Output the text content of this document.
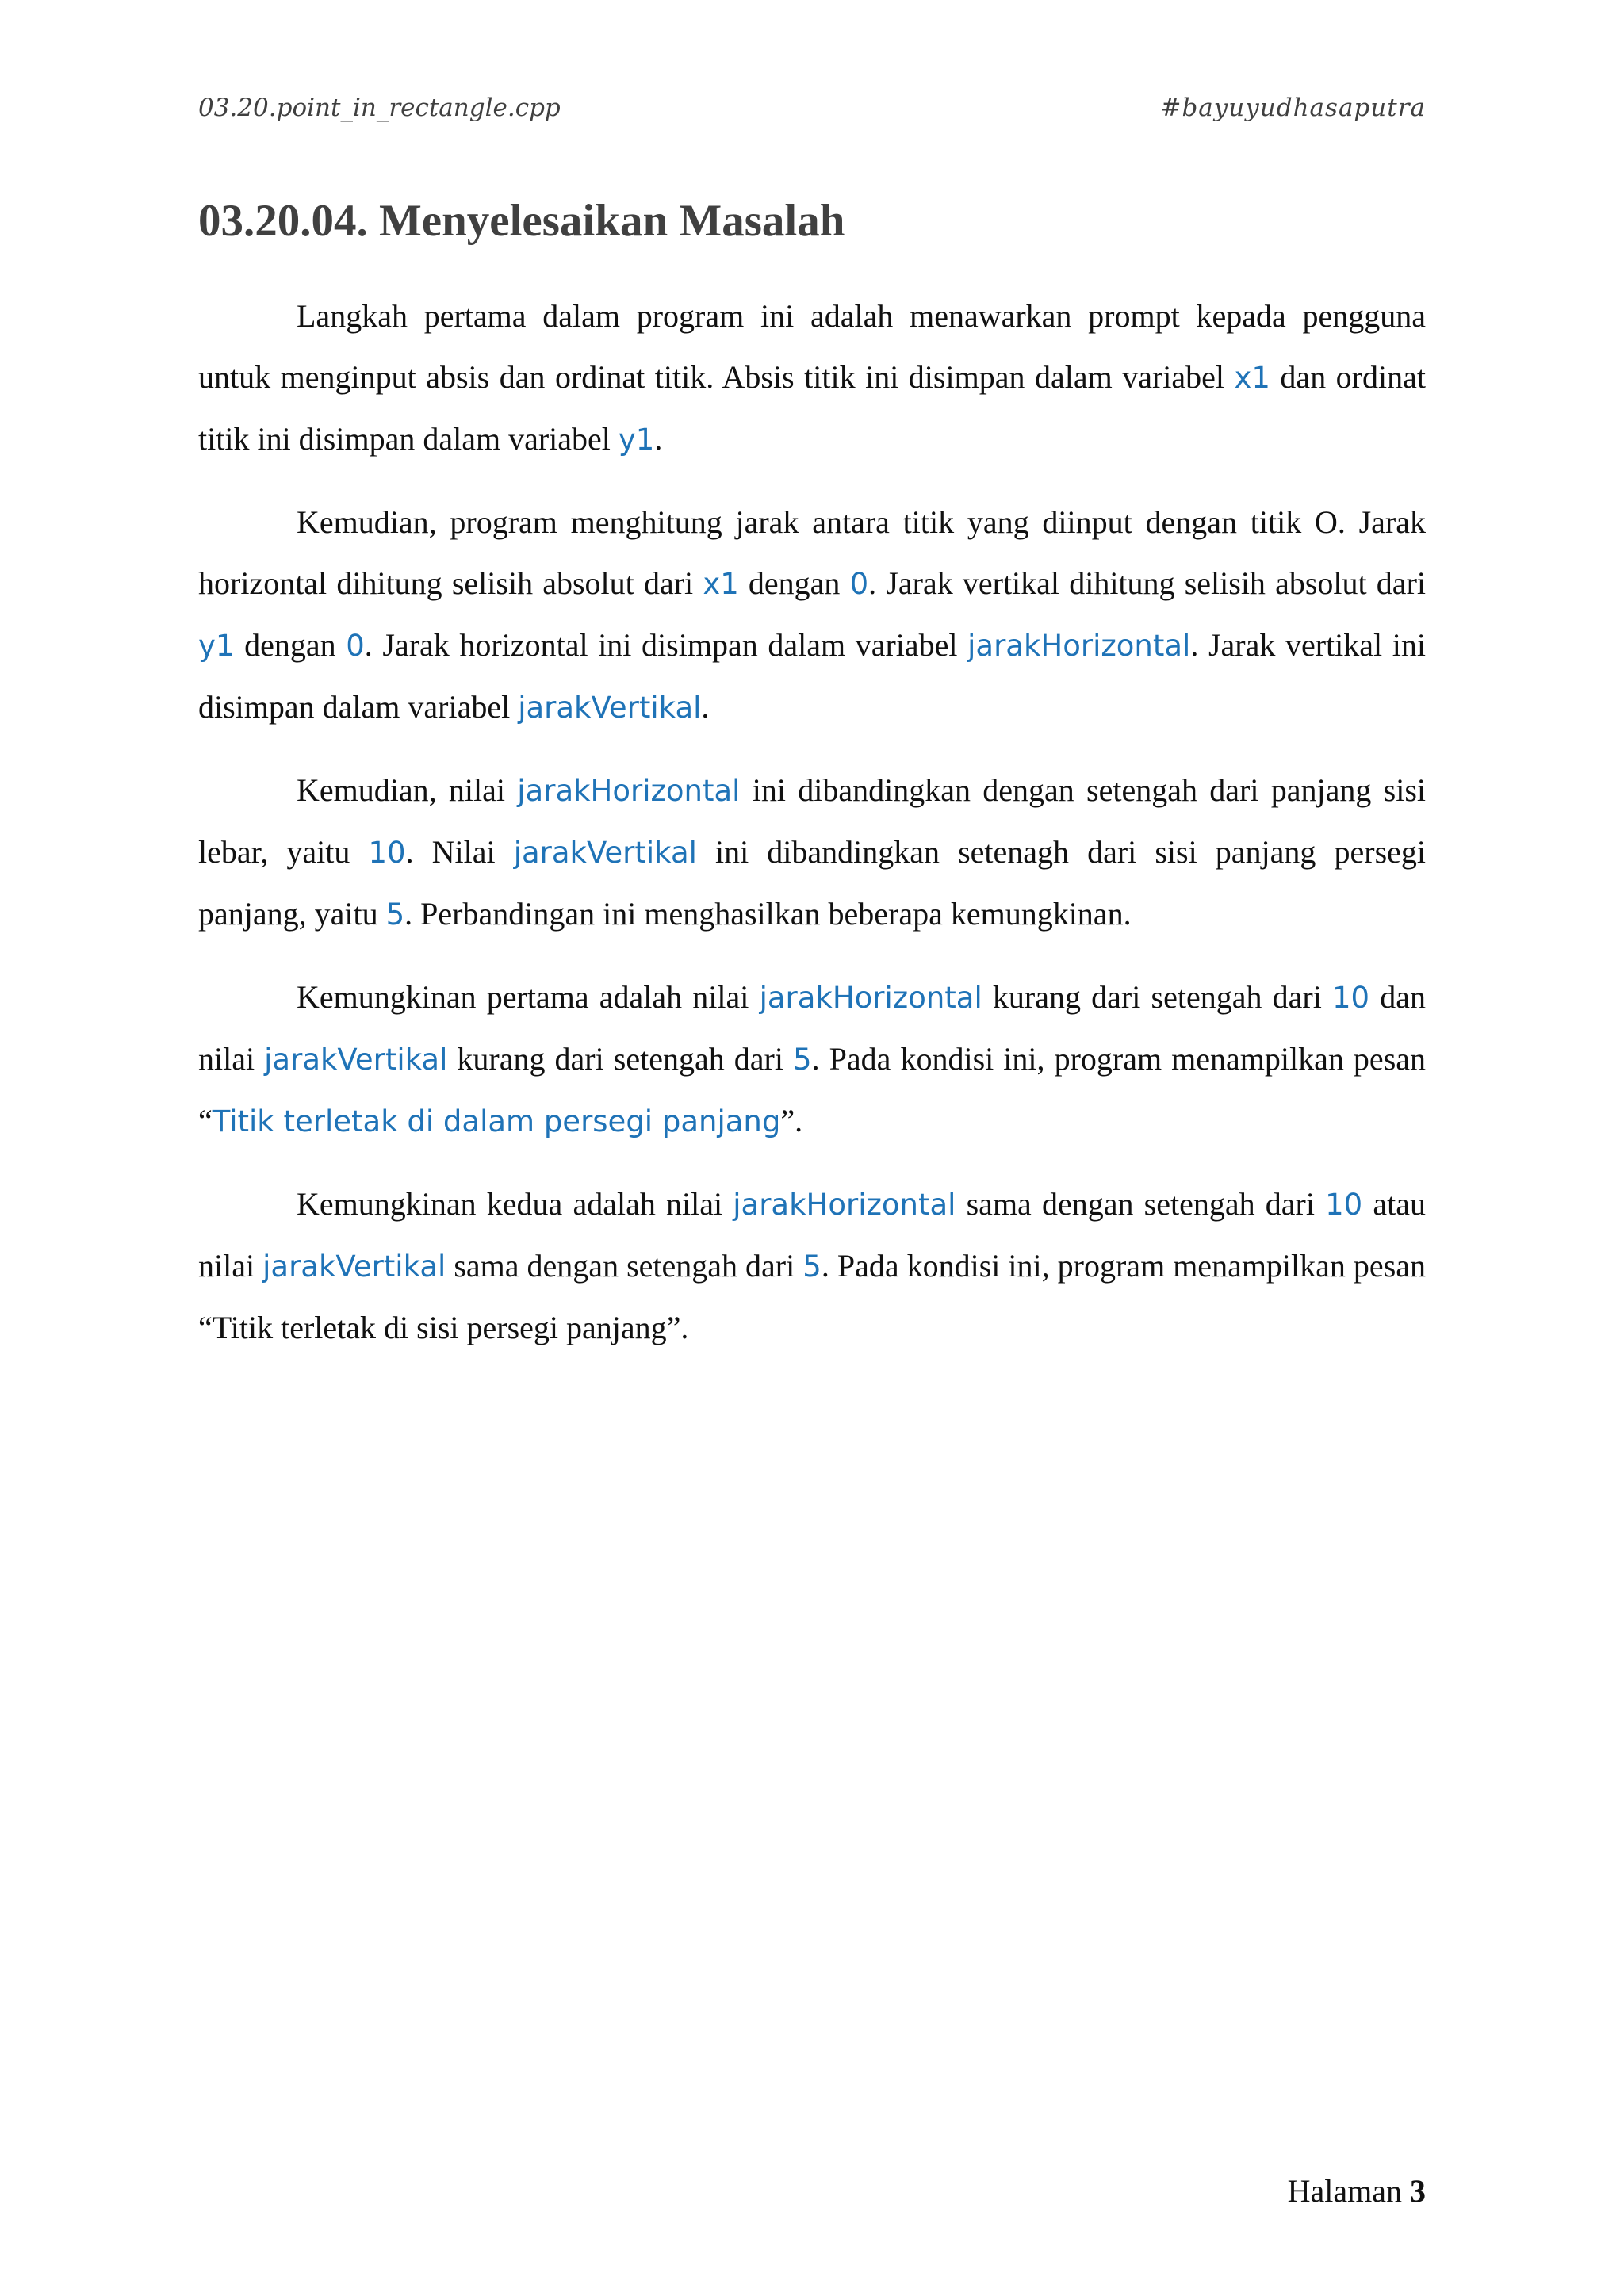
03.20.point_in_rectangle.cpp	#bayuyudhasaputra
03.20.04. Menyelesaikan Masalah

Langkah pertama dalam program ini adalah menawarkan prompt kepada pengguna untuk menginput absis dan ordinat titik. Absis titik ini disimpan dalam variabel x1 dan ordinat titik ini disimpan dalam variabel y1.

Kemudian, program menghitung jarak antara titik yang diinput dengan titik O. Jarak horizontal dihitung selisih absolut dari x1 dengan 0. Jarak vertikal dihitung selisih absolut dari y1 dengan 0. Jarak horizontal ini disimpan dalam variabel jarakHorizontal. Jarak vertikal ini disimpan dalam variabel jarakVertikal.

Kemudian, nilai jarakHorizontal ini dibandingkan dengan setengah dari panjang sisi lebar, yaitu 10. Nilai jarakVertikal ini dibandingkan setenagh dari sisi panjang persegi panjang, yaitu 5. Perbandingan ini menghasilkan beberapa kemungkinan.

Kemungkinan pertama adalah nilai jarakHorizontal kurang dari setengah dari 10 dan nilai jarakVertikal kurang dari setengah dari 5. Pada kondisi ini, program menampilkan pesan “Titik terletak di dalam persegi panjang”.

Kemungkinan kedua adalah nilai jarakHorizontal sama dengan setengah dari 10 atau nilai jarakVertikal sama dengan setengah dari 5. Pada kondisi ini, program menampilkan pesan “Titik terletak di sisi persegi panjang”.

Halaman 3
